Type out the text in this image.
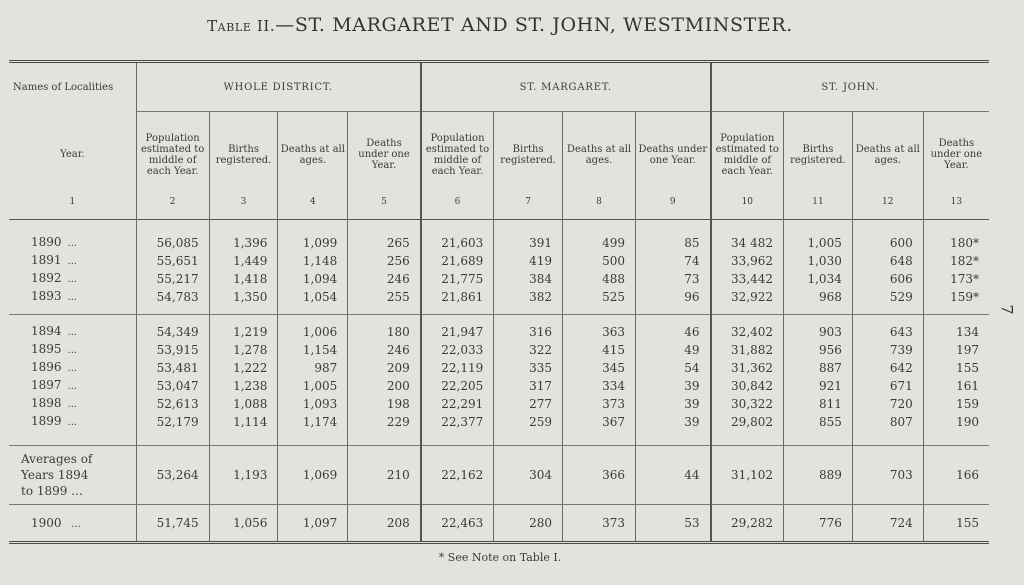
Table II.—ST. MARGARET AND ST. JOHN, WESTMINSTER.
Names of Localities	WHOLE DISTRICT.				ST. MARGARET.				ST. JOHN.			
Year.	Population estimated to middle of each Year.	Births registered.	Deaths at all ages.	Deaths under one Year.	Population estimated to middle of each Year.	Births registered.	Deaths at all ages.	Deaths under one Year.	Population estimated to middle of each Year.	Births registered.	Deaths at all ages.	Deaths under one Year.
1	2	3	4	5	6	7	8	9	10	11	12	13

1890 ...	56,085	1,396	1,099	265	21,603	391	499	85	34 482	1,005	600	180*
1891 ...	55,651	1,449	1,148	256	21,689	419	500	74	33,962	1,030	648	182*
1892 ...	55,217	1,418	1,094	246	21,775	384	488	73	33,442	1,034	606	173*
1893 ...	54,783	1,350	1,054	255	21,861	382	525	96	32,922	968	529	159*

1894 ...	54,349	1,219	1,006	180	21,947	316	363	46	32,402	903	643	134
1895 ...	53,915	1,278	1,154	246	22,033	322	415	49	31,882	956	739	197
1896 ...	53,481	1,222	987	209	22,119	335	345	54	31,362	887	642	155
1897 ...	53,047	1,238	1,005	200	22,205	317	334	39	30,842	921	671	161
1898 ...	52,613	1,088	1,093	198	22,291	277	373	39	30,322	811	720	159
1899 ...	52,179	1,114	1,174	229	22,377	259	367	39	29,802	855	807	190

Averages of
Years 1894
to 1899 ...	53,264	1,193	1,069	210	22,162	304	366	44	31,102	889	703	166
1900 ...	51,745	1,056	1,097	208	22,463	280	373	53	29,282	776	724	155
* See Note on Table I.
7
